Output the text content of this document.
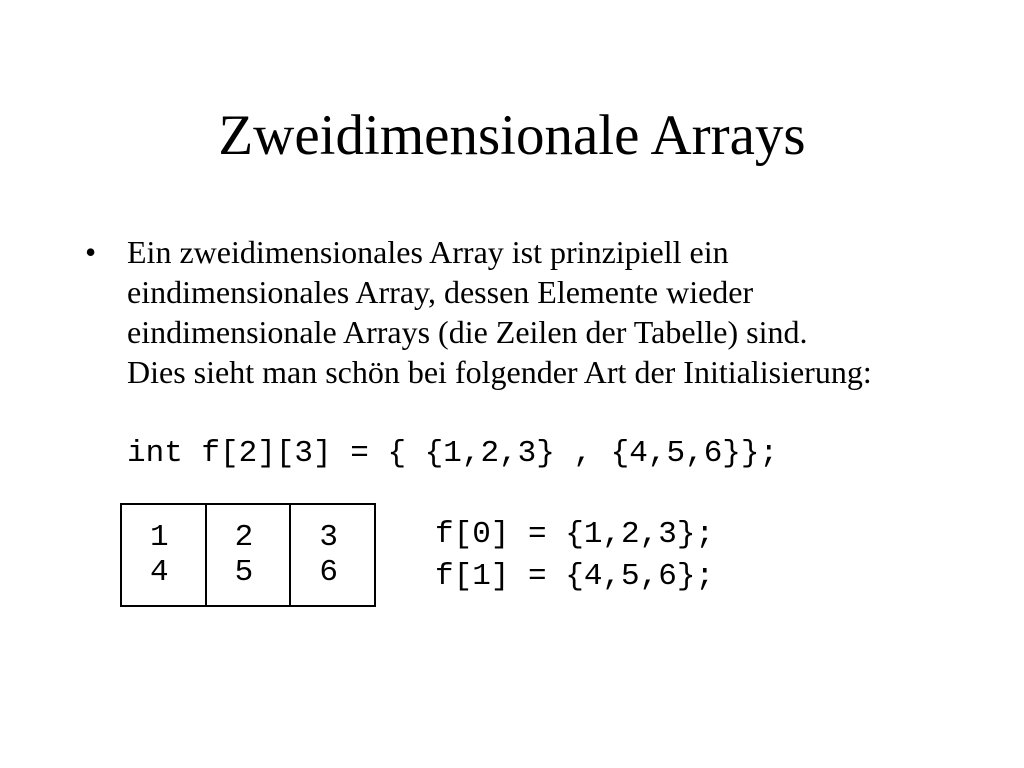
Zweidimensionale Arrays
• Ein zweidimensionales Array ist prinzipiell ein
eindimensionales Array, dessen Elemente wieder
eindimensionale Arrays (die Zeilen der Tabelle) sind.
Dies sieht man schön bei folgender Art der Initialisierung:
int f[2][3] = { {1,2,3} , {4,5,6}};
1	2	3

4	5	6
f[0] = {1,2,3};
f[1] = {4,5,6};
